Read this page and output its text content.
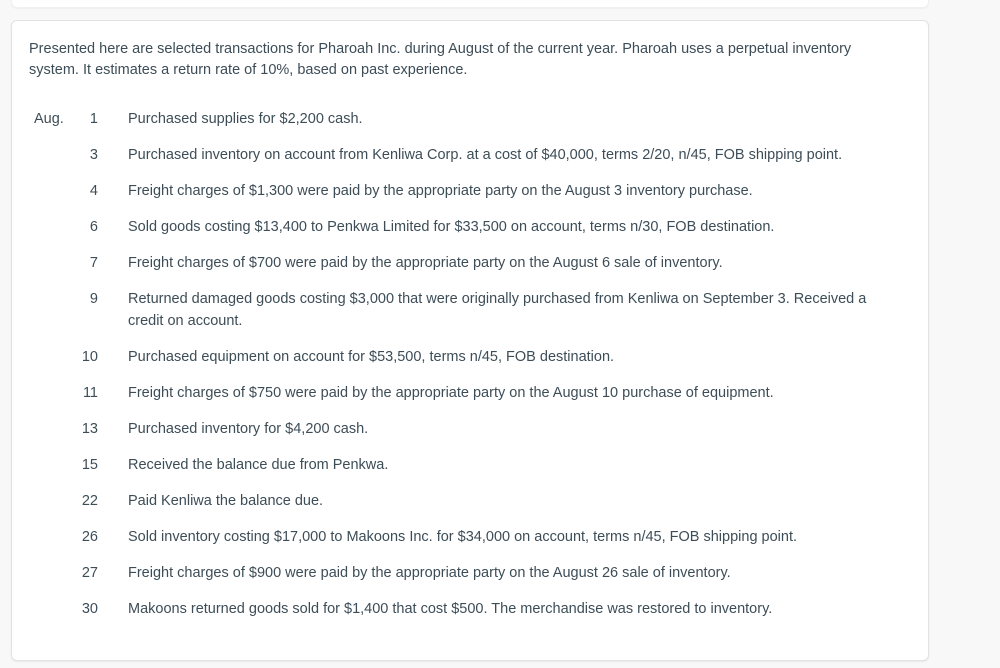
Presented here are selected transactions for Pharoah Inc. during August of the current year. Pharoah uses a perpetual inventory system. It estimates a return rate of 10%, based on past experience.

Aug.	1	Purchased supplies for $2,200 cash.
3	Purchased inventory on account from Kenliwa Corp. at a cost of $40,000, terms 2/20, n/45, FOB shipping point.
4	Freight charges of $1,300 were paid by the appropriate party on the August 3 inventory purchase.
6	Sold goods costing $13,400 to Penkwa Limited for $33,500 on account, terms n/30, FOB destination.
7	Freight charges of $700 were paid by the appropriate party on the August 6 sale of inventory.
9	Returned damaged goods costing $3,000 that were originally purchased from Kenliwa on September 3. Received a credit on account.
10	Purchased equipment on account for $53,500, terms n/45, FOB destination.
11	Freight charges of $750 were paid by the appropriate party on the August 10 purchase of equipment.
13	Purchased inventory for $4,200 cash.
15	Received the balance due from Penkwa.
22	Paid Kenliwa the balance due.
26	Sold inventory costing $17,000 to Makoons Inc. for $34,000 on account, terms n/45, FOB shipping point.
27	Freight charges of $900 were paid by the appropriate party on the August 26 sale of inventory.
30	Makoons returned goods sold for $1,400 that cost $500. The merchandise was restored to inventory.
